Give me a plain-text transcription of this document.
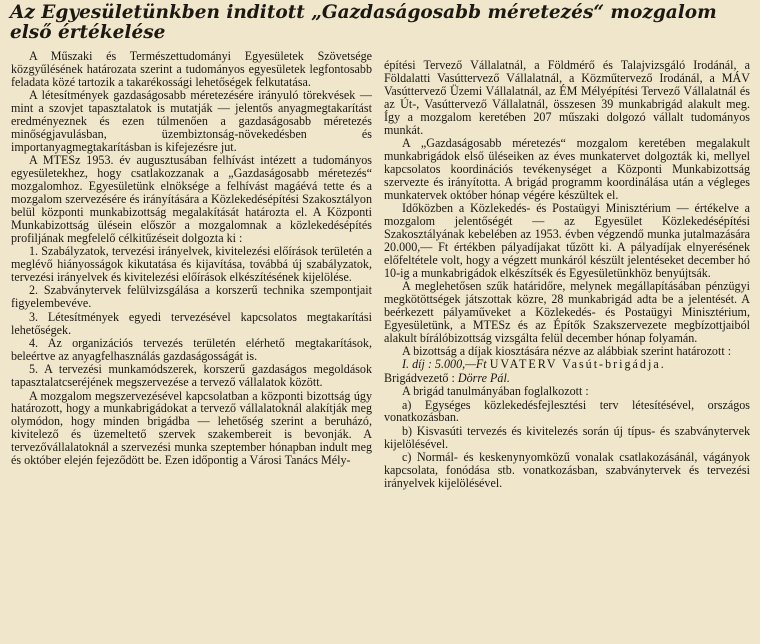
Az Egyesületünkben inditott „Gazdaságosabb méretezés“ mozgalom
első értékelése

A Műszaki és Természettudományi Egyesületek Szövetsége közgyűlésének határozata szerint a tudományos egyesületek legfontosabb feladata közé tartozik a takarékossági lehetőségek felkutatása.

A létesítmények gazdaságosabb méretezésére irányuló törekvések — mint a szovjet tapasztalatok is mutatják — jelentős anyagmegtakarítást eredményeznek és ezen túlmenően a gazdaságosabb méretezés minőségjavulásban, üzembiztonság-növekedésben és importanyagmegtakarításban is kifejezésre jut.

A MTESz 1953. év augusztusában felhívást intézett a tudományos egyesületekhez, hogy csatlakozzanak a „Gazdaságosabb méretezés“ mozgalomhoz. Egyesületünk elnöksége a felhívást magáévá tette és a mozgalom szervezésére és irányítására a Közlekedésépítési Szakosztályon belül központi munkabizottság megalakítását határozta el. A Központi Munkabizottság ülésein először a mozgalomnak a közlekedésépítés profiljának megfelelő célkitűzéseit dolgozta ki :

1. Szabályzatok, tervezési irányelvek, kivitelezési előírások területén a meglévő hiányosságok kikutatása és kijavítása, továbbá új szabályzatok, tervezési irányelvek és kivitelezési előírások elkészítésének kijelölése.

2. Szabványtervek felülvizsgálása a korszerű technika szempontjait figyelembevéve.

3. Létesítmények egyedi tervezésével kapcsolatos megtakarítási lehetőségek.

4. Az organizációs tervezés területén elérhető megtakarítások, beleértve az anyagfelhasználás gazdaságosságát is.

5. A tervezési munkamódszerek, korszerű gazdaságos megoldások tapasztalatcseréjének megszervezése a tervező vállalatok között.

A mozgalom megszervezésével kapcsolatban a központi bizottság úgy határozott, hogy a munkabrigádokat a tervező vállalatoknál alakítják meg olymódon, hogy minden brigádba — lehetőség szerint a beruházó, kivitelező és üzemeltető szervek szakembereit is bevonják. A tervezővállalatoknál a szervezési munka szeptember hónapban indult meg és október elején fejeződött be. Ezen időpontig a Városi Tanács Mély-

építési Tervező Vállalatnál, a Földmérő és Talajvizsgáló Irodánál, a Földalatti Vasúttervező Vállalatnál, a Közműtervező Irodánál, a MÁV Vasúttervező Üzemi Vállalatnál, az ÉM Mélyépítési Tervező Vállalatnál és az Út-, Vasúttervező Vállalatnál, összesen 39 munkabrigád alakult meg. Így a mozgalom keretében 207 műszaki dolgozó vállalt tudományos munkát.

A „Gazdaságosabb méretezés“ mozgalom keretében megalakult munkabrigádok első üléseiken az éves munkatervet dolgozták ki, mellyel kapcsolatos koordinációs tevékenységet a Központi Munkabizottság szervezte és irányította. A brigád programm koordinálása után a végleges munkatervek október hónap végére készültek el.

Időközben a Közlekedés- és Postaügyi Minisztérium — értékelve a mozgalom jelentőségét — az Egyesület Közlekedésépítési Szakosztályának kebelében az 1953. évben végzendő munka jutalmazására 20.000,— Ft értékben pályadíjakat tűzött ki. A pályadíjak elnyerésének előfeltétele volt, hogy a végzett munkáról készült jelentéseket december hó 10-ig a munkabrigádok elkészítsék és Egyesületünkhöz benyújtsák.

A meglehetősen szűk határidőre, melynek megállapításában pénzügyi megkötöttségek játszottak közre, 28 munkabrigád adta be a jelentését. A beérkezett pályaműveket a Közlekedés- és Postaügyi Minisztérium, Egyesületünk, a MTESz és az Építők Szakszervezete megbízottjaiból alakult bírálóbizottság vizsgálta felül december hónap folyamán.

A bizottság a díjak kiosztására nézve az alábbiak szerint határozott :

I. díj : 5.000,—Ft UVATERV Vasút-brigádja.

Brigádvezető : Dörre Pál.

A brigád tanulmányában foglalkozott :

a) Egységes közlekedésfejlesztési terv létesítésével, országos vonatkozásban.

b) Kisvasúti tervezés és kivitelezés során új típus- és szabványtervek kijelölésével.

c) Normál- és keskenynyomközű vonalak csatlakozásánál, vágányok kapcsolata, fonódása stb. vonatkozásban, szabványtervek és tervezési irányelvek kijelölésével.
